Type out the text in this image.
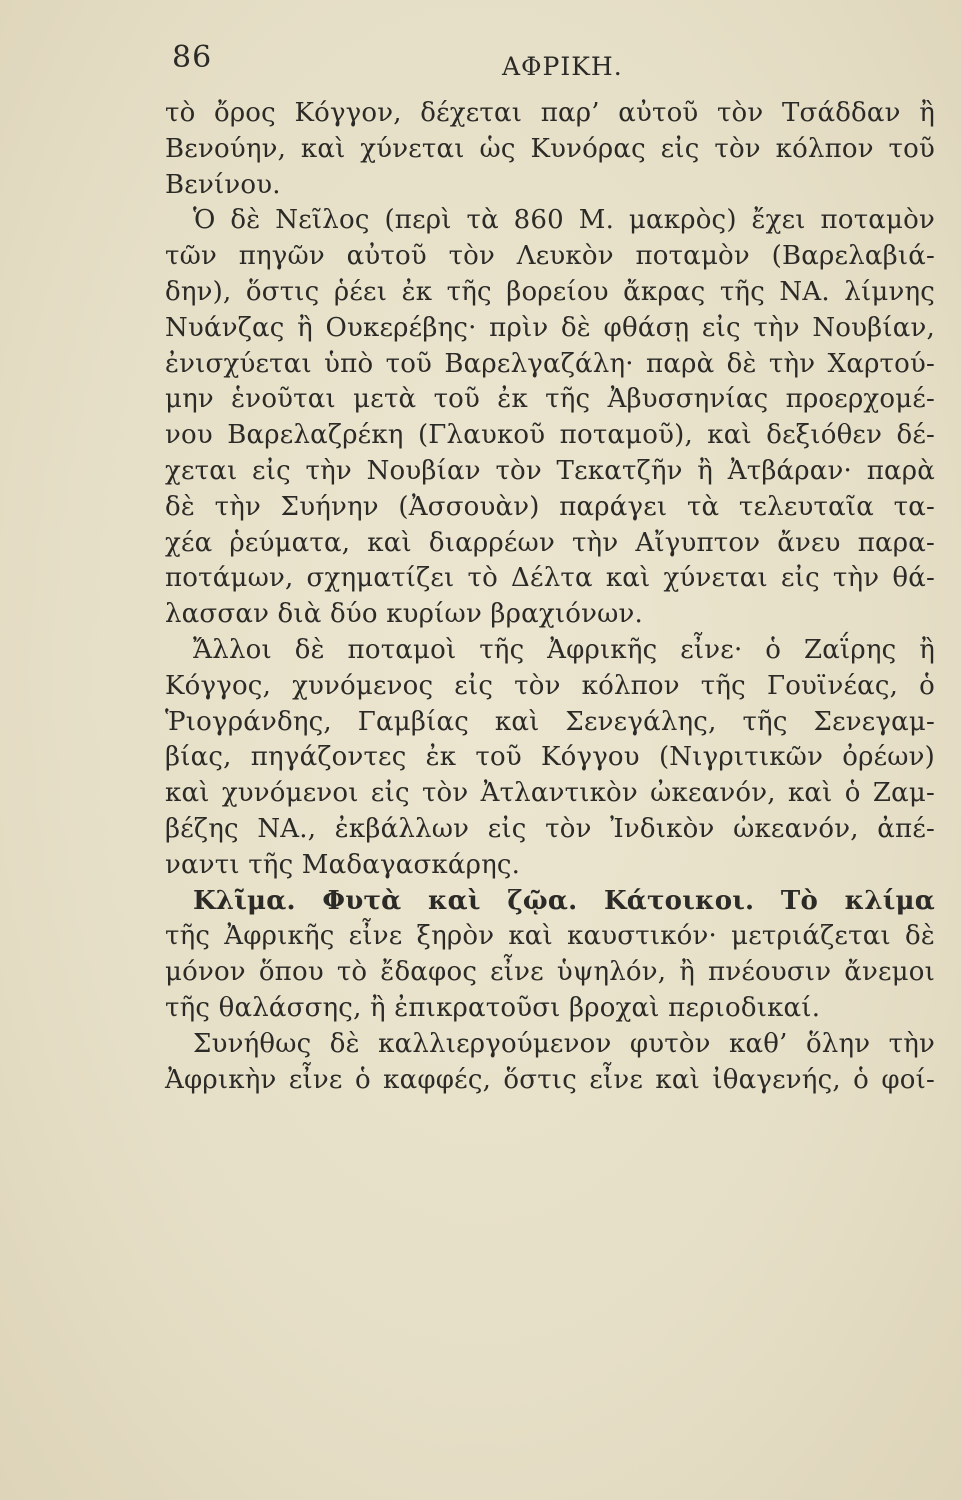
86	ΑΦΡΙΚΗ.
τὸ ὄρος Κόγγον, δέχεται παρ’ αὐτοῦ τὸν Τσάδδαν ἢ
Βενούην, καὶ χύνεται ὡς Κυνόρας εἰς τὸν κόλπον τοῦ
Βενίνου.
Ὁ δὲ Νεῖλος (περὶ τὰ 860 Μ. μακρὸς) ἔχει ποταμὸν
τῶν πηγῶν αὐτοῦ τὸν Λευκὸν ποταμὸν (Βαρελαβιά-
δην), ὅστις ῥέει ἐκ τῆς βορείου ἄκρας τῆς ΝΑ. λίμνης
Νυάνζας ἢ Ουκερέβης· πρὶν δὲ φθάσῃ εἰς τὴν Νουβίαν,
ἐνισχύεται ὑπὸ τοῦ Βαρελγαζάλη· παρὰ δὲ τὴν Χαρτού-
μην ἑνοῦται μετὰ τοῦ ἐκ τῆς Ἀβυσσηνίας προερχομέ-
νου Βαρελαζρέκη (Γλαυκοῦ ποταμοῦ), καὶ δεξιόθεν δέ-
χεται εἰς τὴν Νουβίαν τὸν Τεκατζῆν ἢ Ἀτβάραν· παρὰ
δὲ τὴν Συήνην (Ἀσσουὰν) παράγει τὰ τελευταῖα τα-
χέα ῥεύματα, καὶ διαρρέων τὴν Αἴγυπτον ἄνευ παρα-
ποτάμων, σχηματίζει τὸ Δέλτα καὶ χύνεται εἰς τὴν θά-
λασσαν διὰ δύο κυρίων βραχιόνων.
Ἄλλοι δὲ ποταμοὶ τῆς Ἀφρικῆς εἶνε· ὁ Ζαΐρης ἢ
Κόγγος, χυνόμενος εἰς τὸν κόλπον τῆς Γουϊνέας, ὁ
Ῥιογράνδης, Γαμβίας καὶ Σενεγάλης, τῆς Σενεγαμ-
βίας, πηγάζοντες ἐκ τοῦ Κόγγου (Νιγριτικῶν ὀρέων)
καὶ χυνόμενοι εἰς τὸν Ἀτλαντικὸν ὠκεανόν, καὶ ὁ Ζαμ-
βέζης ΝΑ., ἐκβάλλων εἰς τὸν Ἰνδικὸν ὠκεανόν, ἀπέ-
ναντι τῆς Μαδαγασκάρης.
Κλῖμα. Φυτὰ καὶ ζῷα. Κάτοικοι. Τὸ κλίμα
τῆς Ἀφρικῆς εἶνε ξηρὸν καὶ καυστικόν· μετριάζεται δὲ
μόνον ὅπου τὸ ἔδαφος εἶνε ὑψηλόν, ἢ πνέουσιν ἄνεμοι
τῆς θαλάσσης, ἢ ἐπικρατοῦσι βροχαὶ περιοδικαί.
Συνήθως δὲ καλλιεργούμενον φυτὸν καθ’ ὅλην τὴν
Ἀφρικὴν εἶνε ὁ καφφές, ὅστις εἶνε καὶ ἰθαγενής, ὁ φοί-
